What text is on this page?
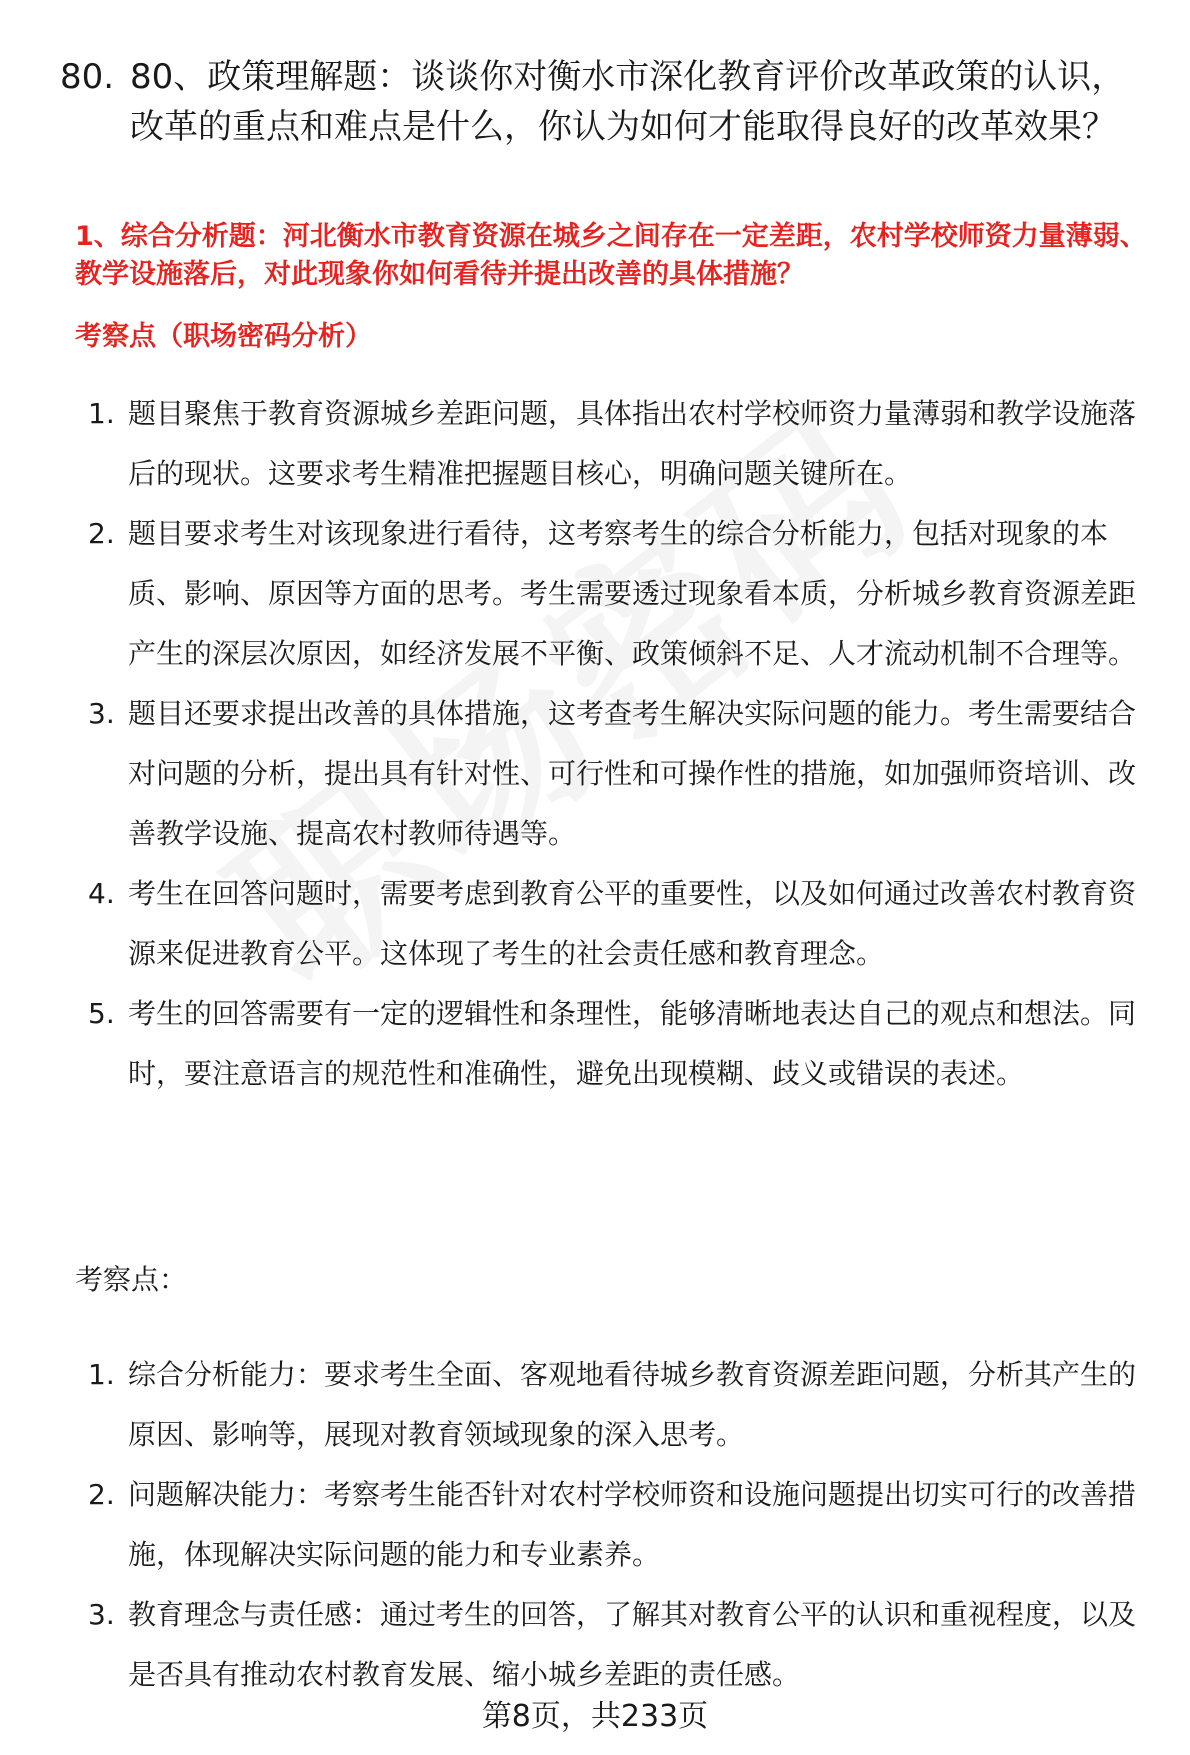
80. 80、政策理解题：谈谈你对衡水市深化教育评价改革政策的认识，改革的重点和难点是什么，你认为如何才能取得良好的改革效果？
1、综合分析题：河北衡水市教育资源在城乡之间存在一定差距，农村学校师资力量薄弱、教学设施落后，对此现象你如何看待并提出改善的具体措施？
考察点（职场密码分析）
1. 题目聚焦于教育资源城乡差距问题，具体指出农村学校师资力量薄弱和教学设施落后的现状。这要求考生精准把握题目核心，明确问题关键所在。
2. 题目要求考生对该现象进行看待，这考察考生的综合分析能力，包括对现象的本质、影响、原因等方面的思考。考生需要透过现象看本质，分析城乡教育资源差距产生的深层次原因，如经济发展不平衡、政策倾斜不足、人才流动机制不合理等。
3. 题目还要求提出改善的具体措施，这考查考生解决实际问题的能力。考生需要结合对问题的分析，提出具有针对性、可行性和可操作性的措施，如加强师资培训、改善教学设施、提高农村教师待遇等。
4. 考生在回答问题时，需要考虑到教育公平的重要性，以及如何通过改善农村教育资源来促进教育公平。这体现了考生的社会责任感和教育理念。
5. 考生的回答需要有一定的逻辑性和条理性，能够清晰地表达自己的观点和想法。同时，要注意语言的规范性和准确性，避免出现模糊、歧义或错误的表述。
考察点：
1. 综合分析能力：要求考生全面、客观地看待城乡教育资源差距问题，分析其产生的原因、影响等，展现对教育领域现象的深入思考。
2. 问题解决能力：考察考生能否针对农村学校师资和设施问题提出切实可行的改善措施，体现解决实际问题的能力和专业素养。
3. 教育理念与责任感：通过考生的回答，了解其对教育公平的认识和重视程度，以及是否具有推动农村教育发展、缩小城乡差距的责任感。
第8页，共233页
